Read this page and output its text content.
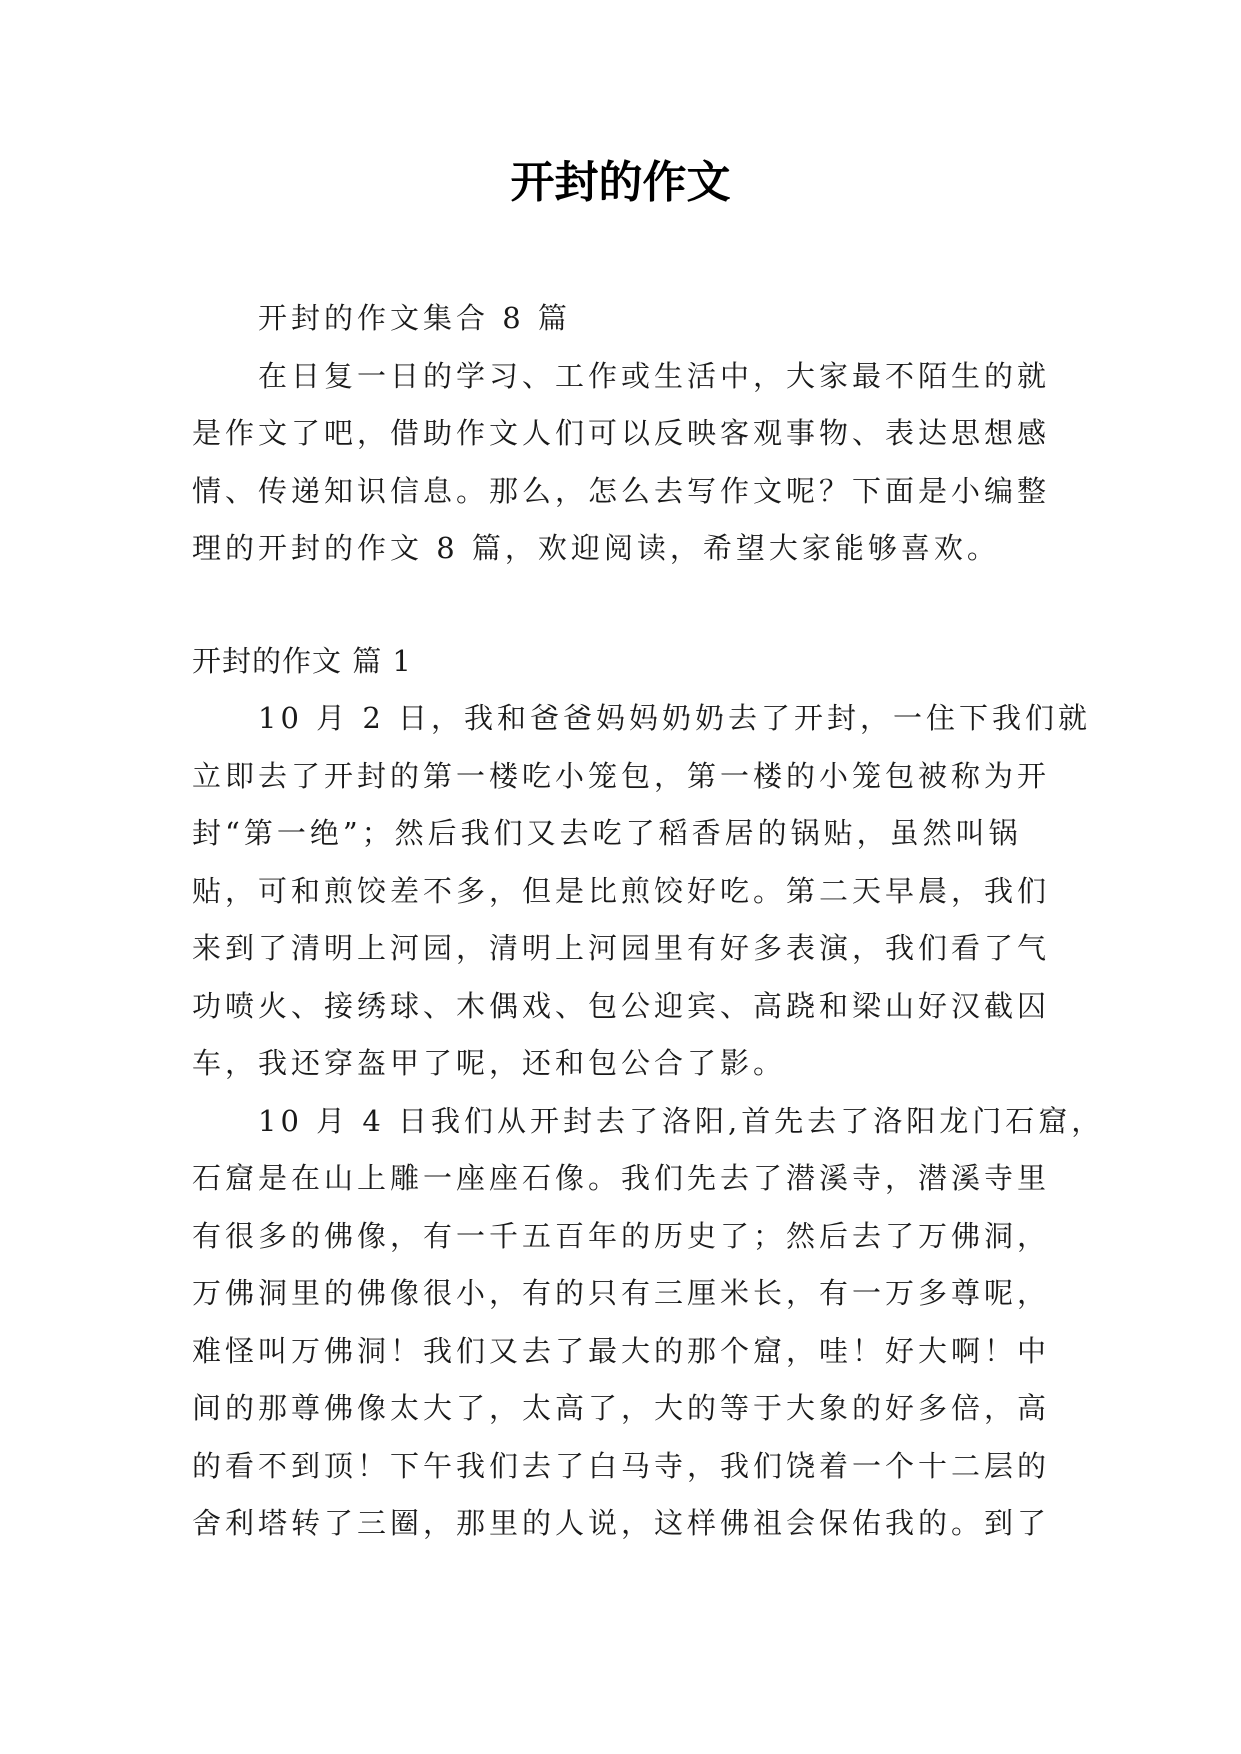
开封的作文
开封的作文集合 8 篇
在日复一日的学习、工作或生活中，大家最不陌生的就
是作文了吧，借助作文人们可以反映客观事物、表达思想感
情、传递知识信息。那么，怎么去写作文呢？下面是小编整
理的开封的作文 8 篇，欢迎阅读，希望大家能够喜欢。
开封的作文 篇 1
10 月 2 日，我和爸爸妈妈奶奶去了开封，一住下我们就
立即去了开封的第一楼吃小笼包，第一楼的小笼包被称为开
封“第一绝”；然后我们又去吃了稻香居的锅贴，虽然叫锅
贴，可和煎饺差不多，但是比煎饺好吃。第二天早晨，我们
来到了清明上河园，清明上河园里有好多表演，我们看了气
功喷火、接绣球、木偶戏、包公迎宾、高跷和梁山好汉截囚
车，我还穿盔甲了呢，还和包公合了影。
10 月 4 日我们从开封去了洛阳,首先去了洛阳龙门石窟，
石窟是在山上雕一座座石像。我们先去了潜溪寺，潜溪寺里
有很多的佛像，有一千五百年的历史了；然后去了万佛洞，
万佛洞里的佛像很小，有的只有三厘米长，有一万多尊呢，
难怪叫万佛洞！我们又去了最大的那个窟，哇！好大啊！中
间的那尊佛像太大了，太高了，大的等于大象的好多倍，高
的看不到顶！下午我们去了白马寺，我们饶着一个十二层的
舍利塔转了三圈，那里的人说，这样佛祖会保佑我的。到了
